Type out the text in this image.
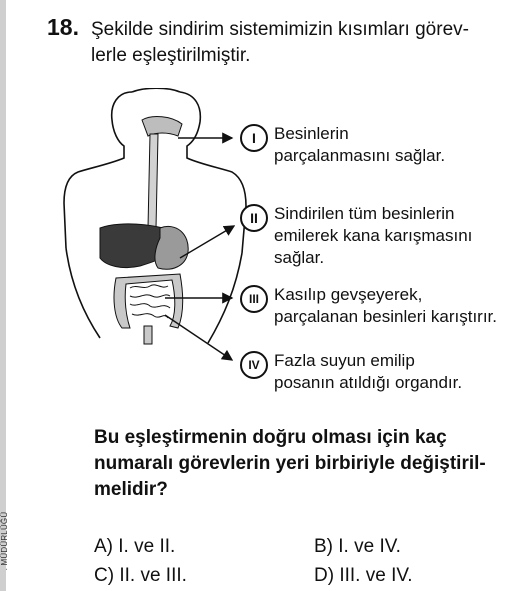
. MÜDÜRLÜĞÜ
18. Şekilde sindirim sistemimizin kısımları görev-
lerle eşleştirilmiştir.
I	Besinlerin
parçalanmasını sağlar.
II Sindirilen tüm besinlerin
emilerek kana karışmasını
sağlar.
III Kasılıp gevşeyerek,
parçalanan besinleri karıştırır.
IV Fazla suyun emilip
posanın atıldığı organdır.
Bu eşleştirmenin doğru olması için kaç
numaralı görevlerin yeri birbiriyle değiştiril-
melidir?
A) I. ve II.	B) I. ve IV.
C) II. ve III.	D) III. ve IV.
